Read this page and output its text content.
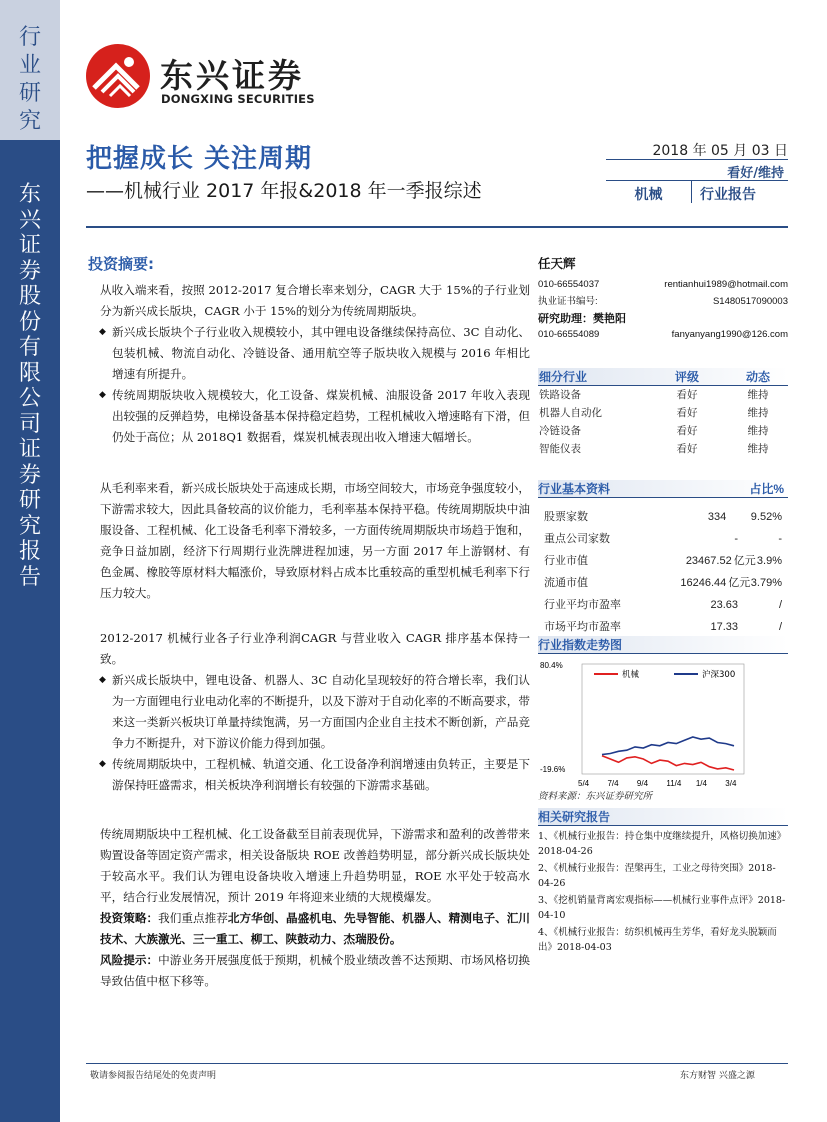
行
业
研
究
东
兴
证
券
股
份
有
限
公
司
证
券
研
究
报
告
东兴证券
DONGXING SECURITIES
把握成长 关注周期
——机械行业 2017 年报&2018 年一季报综述
2018 年 05 月 03 日
看好/维持
机械	行业报告
投资摘要:

从收入端来看，按照 2012-2017 复合增长率来划分，CAGR 大于 15%的子行业划分为新兴成长版块，CAGR 小于 15%的划分为传统周期版块。

◆ 新兴成长版块个子行业收入规模较小，其中锂电设备继续保持高位、3C 自动化、包装机械、物流自动化、冷链设备、通用航空等子版块收入规模与 2016 年相比增速有所提升。

◆ 传统周期版块收入规模较大，化工设备、煤炭机械、油服设备 2017 年收入表现出较强的反弹趋势，电梯设备基本保持稳定趋势，工程机械收入增速略有下滑，但仍处于高位；从 2018Q1 数据看，煤炭机械表现出收入增速大幅增长。

从毛利率来看，新兴成长版块处于高速成长期，市场空间较大，市场竞争强度较小，下游需求较大，因此具备较高的议价能力，毛利率基本保持平稳。传统周期版块中油服设备、工程机械、化工设备毛利率下滑较多，一方面传统周期版块市场趋于饱和，竞争日益加剧，经济下行周期行业洗牌进程加速，另一方面 2017 年上游钢材、有色金属、橡胶等原材料大幅涨价，导致原材料占成本比重较高的重型机械毛利率下行压力较大。

2012-2017 机械行业各子行业净利润CAGR 与营业收入 CAGR 排序基本保持一致。

◆ 新兴成长版块中，锂电设备、机器人、3C 自动化呈现较好的符合增长率，我们认为一方面锂电行业电动化率的不断提升，以及下游对于自动化率的不断高要求，带来这一类新兴板块订单量持续饱满，另一方面国内企业自主技术不断创新，产品竞争力不断提升，对下游议价能力得到加强。

◆ 传统周期版块中，工程机械、轨道交通、化工设备净利润增速由负转正，主要是下游保持旺盛需求，相关板块净利润增长有较强的下游需求基础。

传统周期版块中工程机械、化工设备截至目前表现优异，下游需求和盈利的改善带来购置设备等固定资产需求，相关设备版块 ROE 改善趋势明显，部分新兴成长版块处于较高水平。我们认为锂电设备块收入增速上升趋势明显，ROE 水平处于较高水平，结合行业发展情况，预计 2019 年将迎来业绩的大规模爆发。

投资策略：我们重点推荐北方华创、晶盛机电、先导智能、机器人、精测电子、汇川技术、大族激光、三一重工、柳工、陕鼓动力、杰瑞股份。

风险提示：中游业务开展强度低于预期，机械个股业绩改善不达预期、市场风格切换导致估值中枢下移等。

任天辉
010-66554037	rentianhui1989@hotmail.com
执业证书编号:	S1480517090003
研究助理：樊艳阳
010-66554089	fanyanyang1990@126.com
细分行业	评级	动态
铁路设备	看好	维持
机器人自动化	看好	维持
冷链设备	看好	维持
智能仪表	看好	维持
行业基本资料	占比%
股票家数	334 9.52%
重点公司家数	-	-
行业市值	23467.52 亿元 3.9%
流通市值	16246.44 亿元 3.79%
行业平均市盈率	23.63	/
市场平均市盈率	17.33	/
行业指数走势图
80.4%
-19.6%
5/4 7/4 9/4 11/4 1/4 3/4
机械	沪深300
资料来源：东兴证券研究所
相关研究报告
1、《机械行业报告：持仓集中度继续提升，风格切换加速》2018-04-26
2、《机械行业报告：涅槃再生，工业之母待突围》2018-04-26
3、《挖机销量背离宏观指标——机械行业事件点评》2018-04-10
4、《机械行业报告：纺织机械再生芳华，看好龙头脱颖而出》2018-04-03
敬请参阅报告结尾处的免责声明	东方财智 兴盛之源
